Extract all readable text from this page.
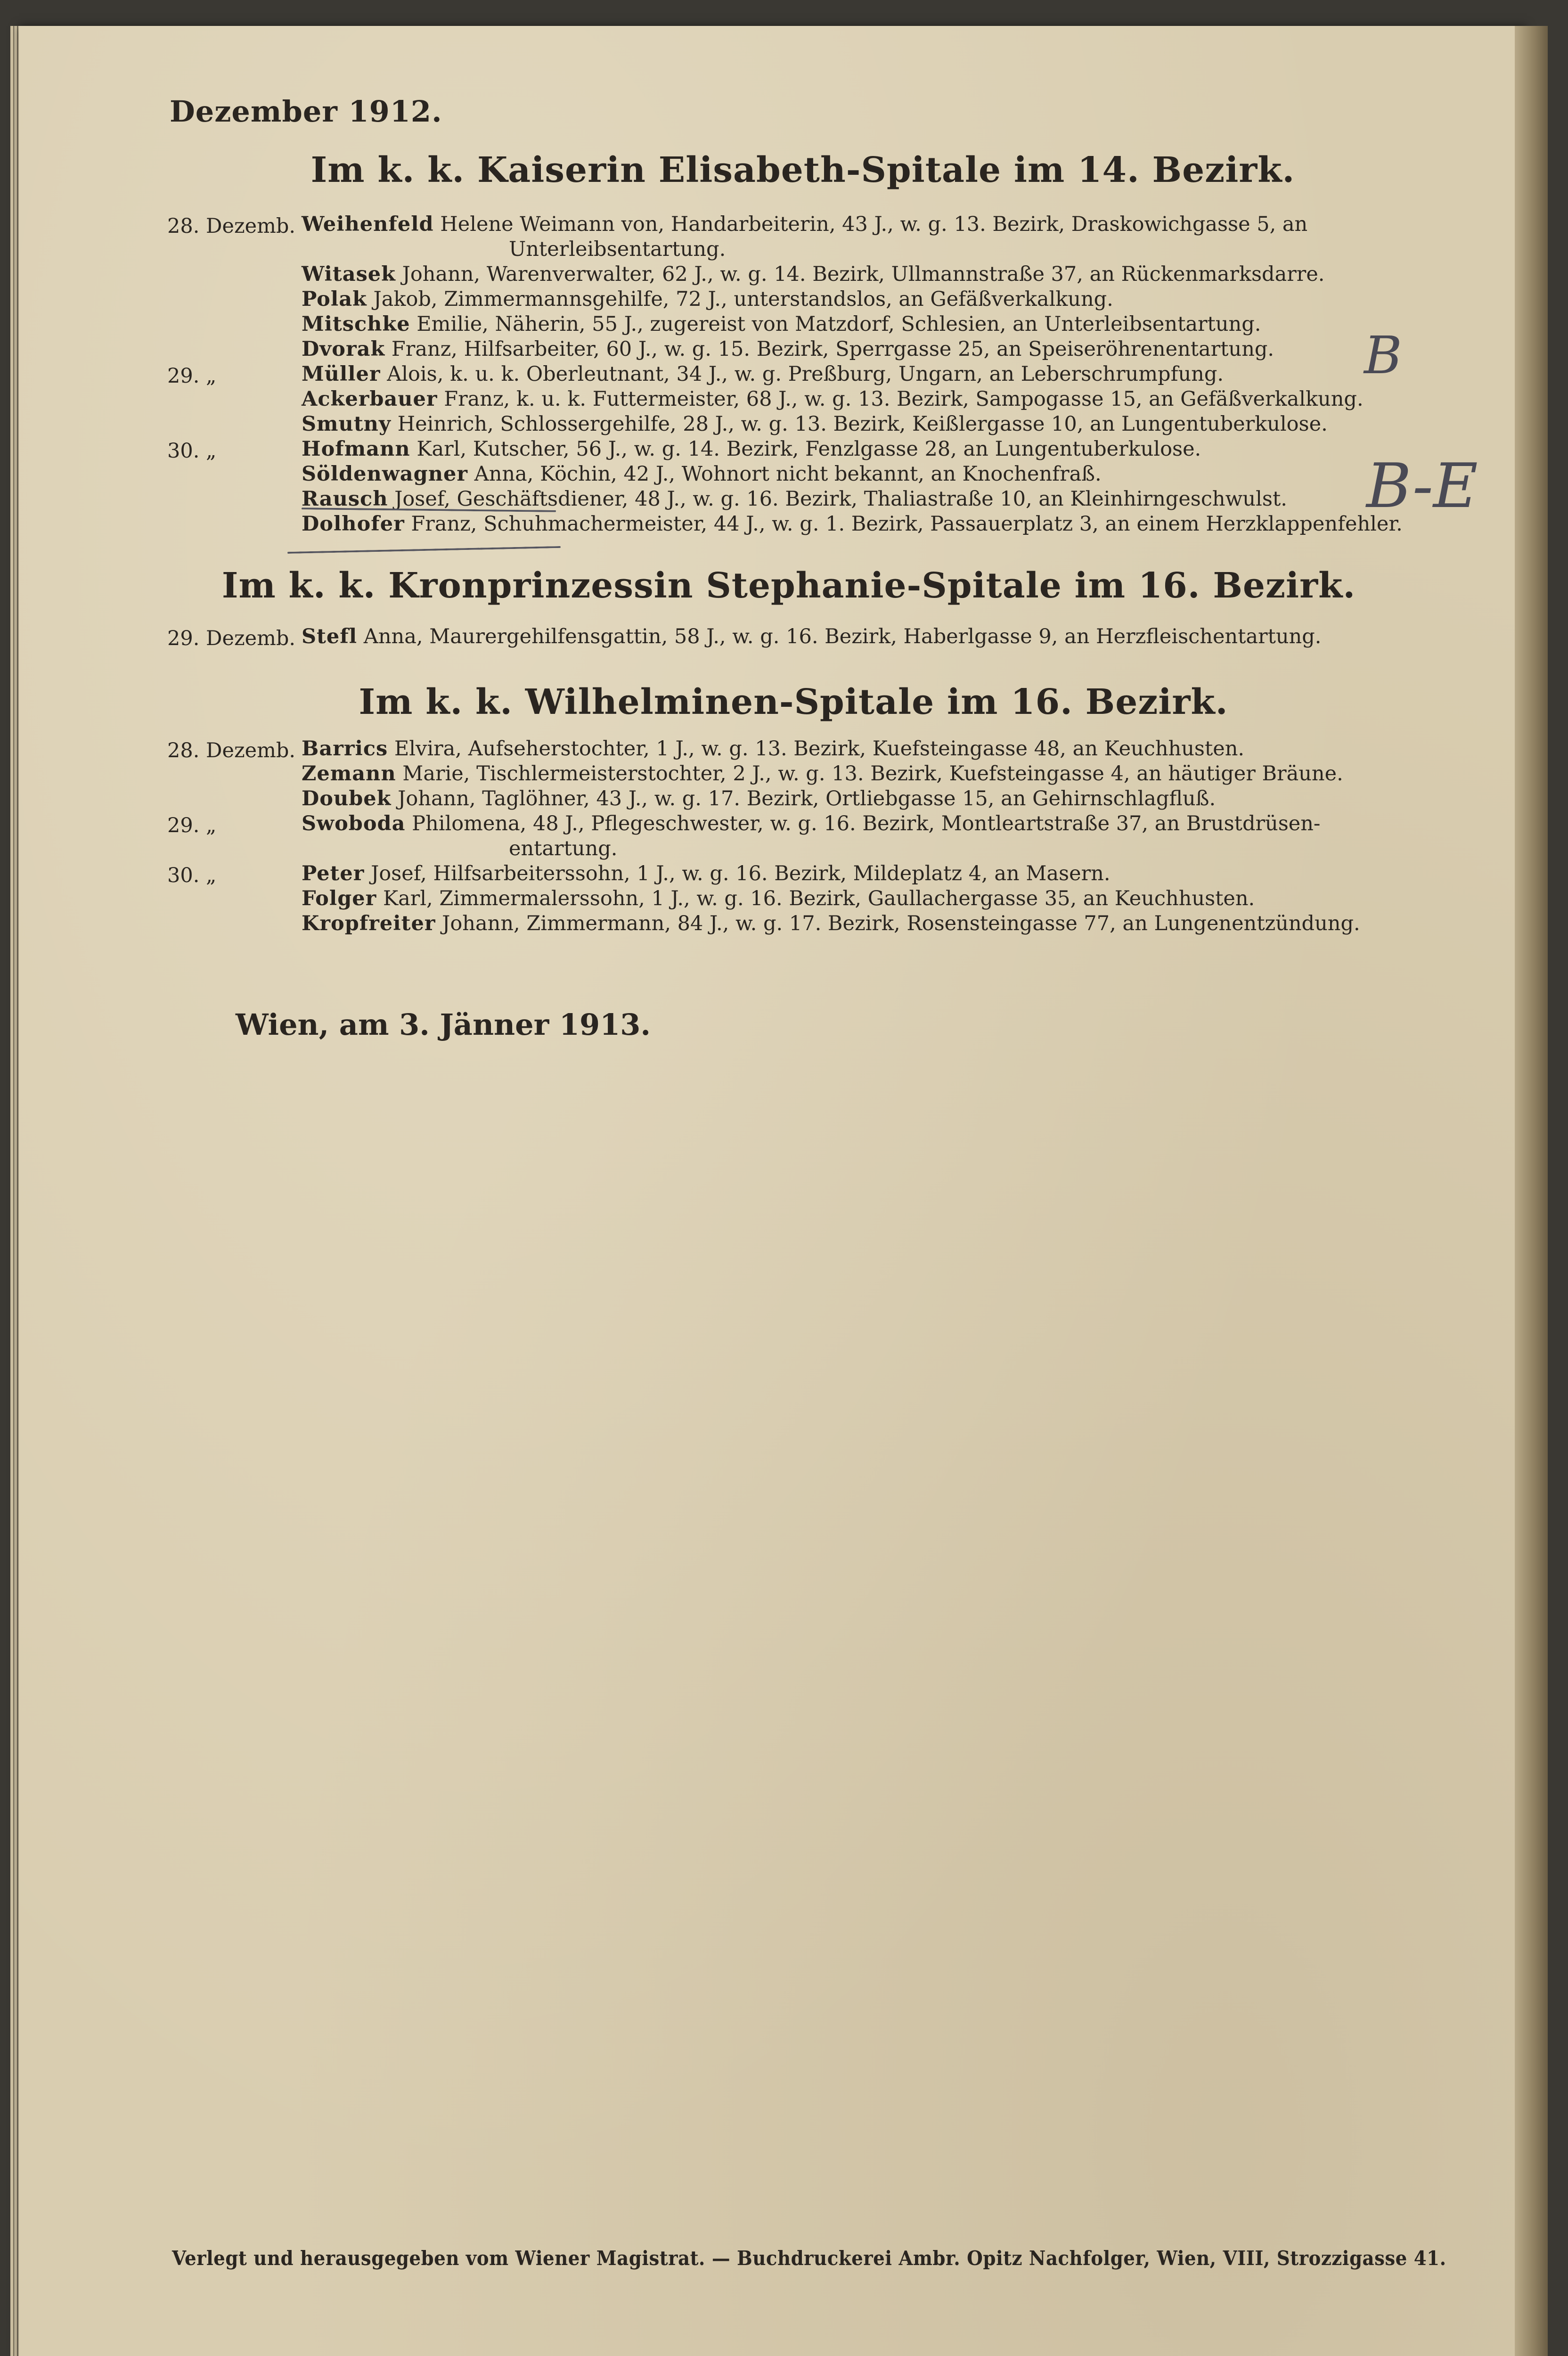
Dezember 1912.
Im k. k. Kaiserin Elisabeth-Spitale im 14. Bezirk.
28. Dezemb. Weihenfeld Helene Weimann von, Handarbeiterin, 43 J., w. g. 13. Bezirk, Draskowichgasse 5, an
Unterleibsentartung.
Witasek Johann, Warenverwalter, 62 J., w. g. 14. Bezirk, Ullmannstraße 37, an Rückenmarksdarre.
Polak Jakob, Zimmermannsgehilfe, 72 J., unterstandslos, an Gefäßverkalkung.
Mitschke Emilie, Näherin, 55 J., zugereist von Matzdorf, Schlesien, an Unterleibsentartung.
Dvorak Franz, Hilfsarbeiter, 60 J., w. g. 15. Bezirk, Sperrgasse 25, an Speiseröhrenentartung.
29. „	Müller Alois, k. u. k. Oberleutnant, 34 J., w. g. Preßburg, Ungarn, an Leberschrumpfung.
Ackerbauer Franz, k. u. k. Futtermeister, 68 J., w. g. 13. Bezirk, Sampogasse 15, an Gefäßverkalkung.
Smutny Heinrich, Schlossergehilfe, 28 J., w. g. 13. Bezirk, Keißlergasse 10, an Lungentuberkulose.
30. „	Hofmann Karl, Kutscher, 56 J., w. g. 14. Bezirk, Fenzlgasse 28, an Lungentuberkulose.
Söldenwagner Anna, Köchin, 42 J., Wohnort nicht bekannt, an Knochenfraß.
Rausch Josef, Geschäftsdiener, 48 J., w. g. 16. Bezirk, Thaliastraße 10, an Kleinhirngeschwulst.
Dolhofer Franz, Schuhmachermeister, 44 J., w. g. 1. Bezirk, Passauerplatz 3, an einem Herzklappenfehler.
Im k. k. Kronprinzessin Stephanie-Spitale im 16. Bezirk.
29. Dezemb. Stefl Anna, Maurergehilfensgattin, 58 J., w. g. 16. Bezirk, Haberlgasse 9, an Herzfleischentartung.
Im k. k. Wilhelminen-Spitale im 16. Bezirk.
28. Dezemb. Barrics Elvira, Aufseherstochter, 1 J., w. g. 13. Bezirk, Kuefsteingasse 48, an Keuchhusten.
Zemann Marie, Tischlermeisterstochter, 2 J., w. g. 13. Bezirk, Kuefsteingasse 4, an häutiger Bräune.
Doubek Johann, Taglöhner, 43 J., w. g. 17. Bezirk, Ortliebgasse 15, an Gehirnschlagfluß.
29. „	Swoboda Philomena, 48 J., Pflegeschwester, w. g. 16. Bezirk, Montleartstraße 37, an Brustdrüsen-
entartung.
30. „	Peter Josef, Hilfsarbeiterssohn, 1 J., w. g. 16. Bezirk, Mildeplatz 4, an Masern.
Folger Karl, Zimmermalerssohn, 1 J., w. g. 16. Bezirk, Gaullachergasse 35, an Keuchhusten.
Kropfreiter Johann, Zimmermann, 84 J., w. g. 17. Bezirk, Rosensteingasse 77, an Lungenentzündung.
Wien, am 3. Jänner 1913.
Verlegt und herausgegeben vom Wiener Magistrat. — Buchdruckerei Ambr. Opitz Nachfolger, Wien, VIII, Strozzigasse 41.
B
B-E
